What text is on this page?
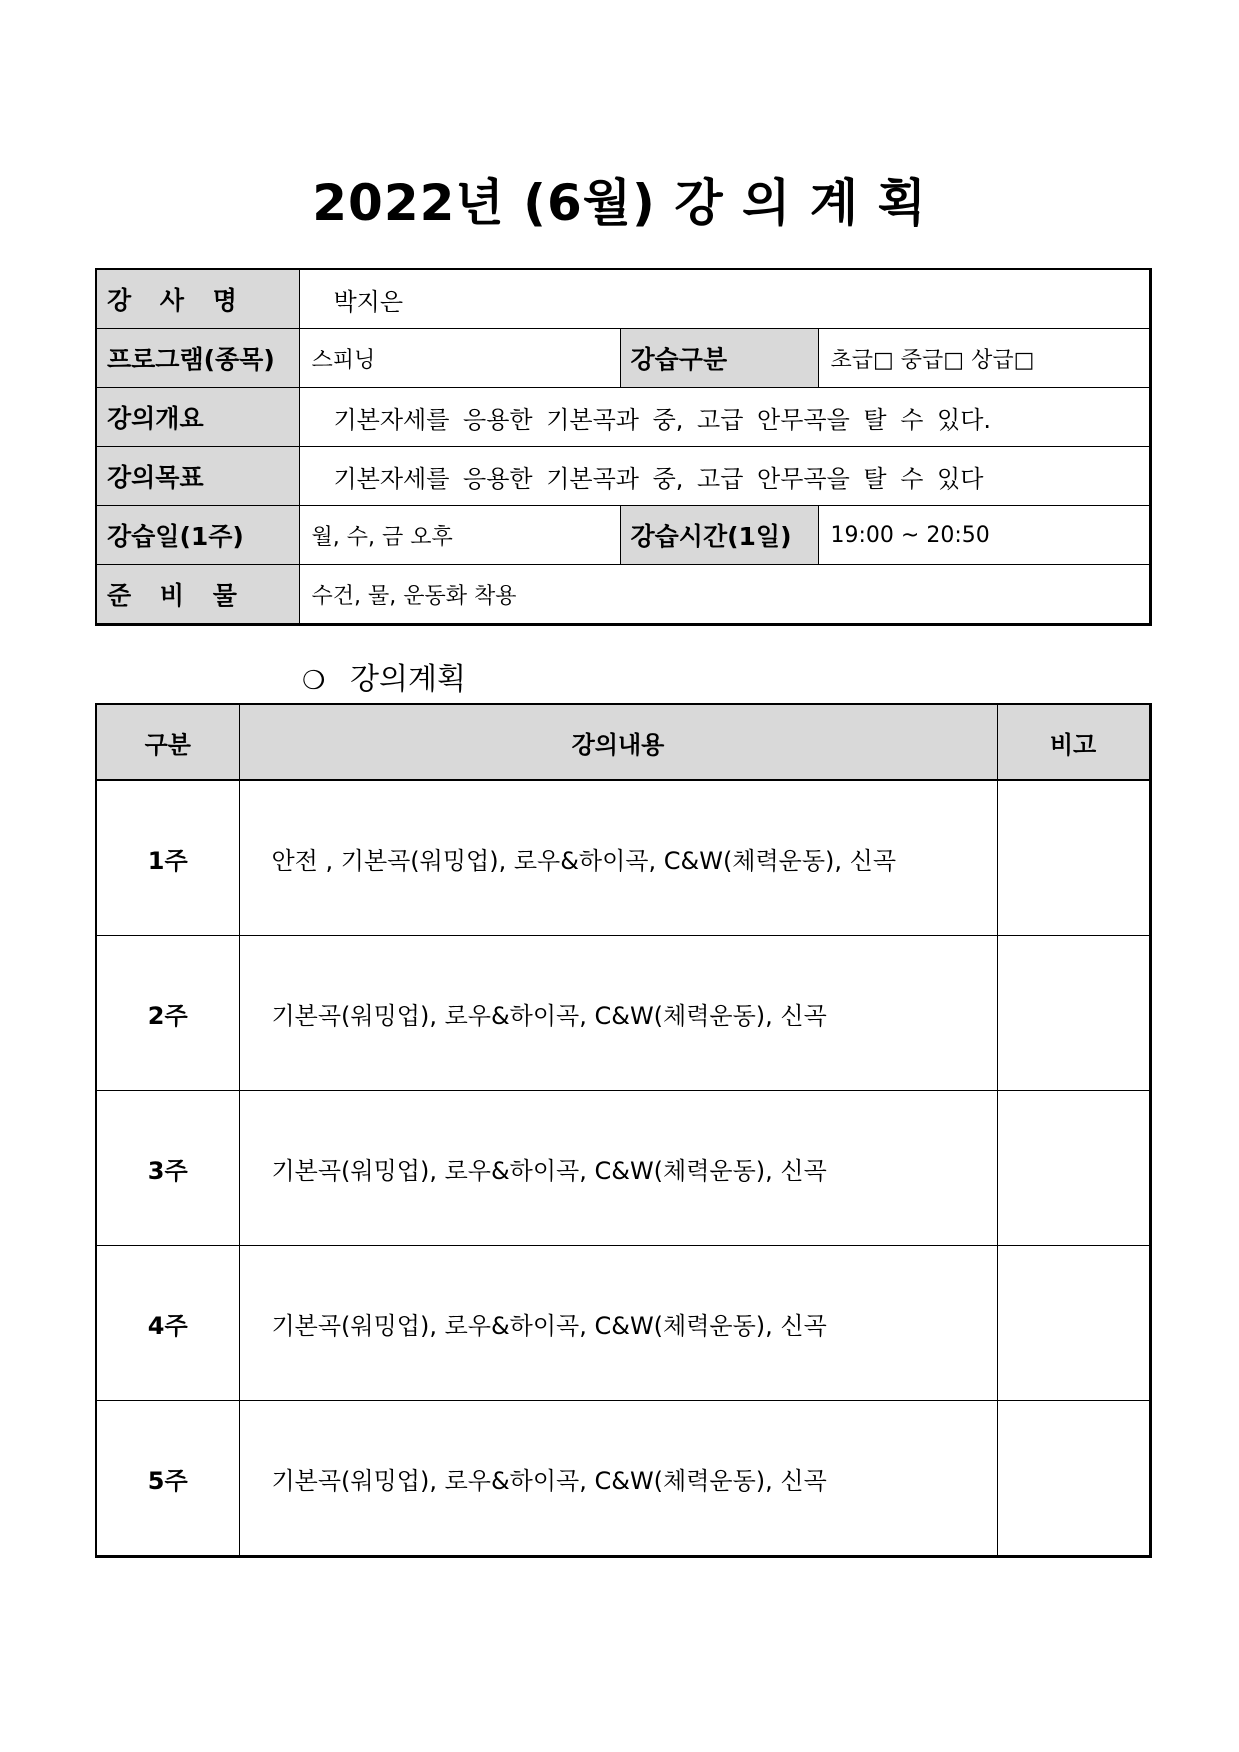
2022년 (6월) 강 의 계 획
강 사 명	박지은		
프로그램(종목)	스피닝	강습구분	초급□ 중급□ 상급□
강의개요	기본자세를 응용한 기본곡과 중, 고급 안무곡을 탈 수 있다.		
강의목표	기본자세를 응용한 기본곡과 중, 고급 안무곡을 탈 수 있다		
강습일(1주)	월, 수, 금 오후	강습시간(1일)	19:00 ~ 20:50
준 비 물	수건, 물, 운동화 착용		
❍ 강의계획
구분	강의내용	비고
1주	안전 , 기본곡(워밍업), 로우&하이곡, C&W(체력운동), 신곡	
2주	기본곡(워밍업), 로우&하이곡, C&W(체력운동), 신곡	
3주	기본곡(워밍업), 로우&하이곡, C&W(체력운동), 신곡	
4주	기본곡(워밍업), 로우&하이곡, C&W(체력운동), 신곡	
5주	기본곡(워밍업), 로우&하이곡, C&W(체력운동), 신곡	
